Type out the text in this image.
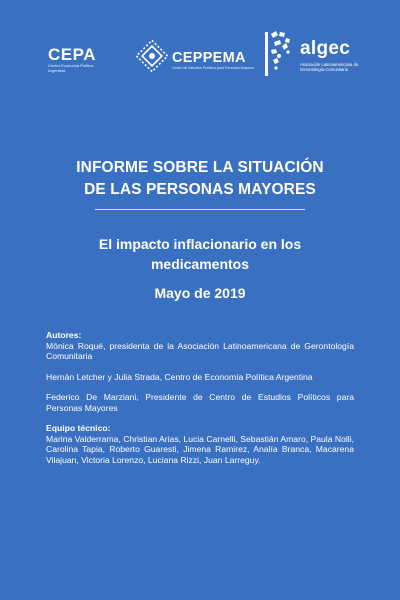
CEPA
Centro Economía Política Argentina
CEPPEMA
Centro de Estudios Políticos para Personas Mayores
algec
Asociación Latinoamericana de Gerontología Comunitaria
INFORME SOBRE LA SITUACIÓN
DE LAS PERSONAS MAYORES
El impacto inflacionario en los
medicamentos
Mayo de 2019

Autores:

Mónica Roqué, presidenta de la Asociación Latinoamericana de Gerontología Comunitaria

Hernán Letcher y Julia Strada, Centro de Economía Política Argentina

Federico De Marziani, Presidente de Centro de Estudios Políticos para Personas Mayores

Equipo técnico:

Marina Valderrama, Christian Arias, Lucia Carnelli, Sebastián Amaro, Paula Nolli, Carolina Tapia, Roberto Guaresti, Jimena Ramirez, Analía Branca, Macarena Vilajuan, Victoria Lorenzo, Luciana Rizzi, Juan Larreguy.
